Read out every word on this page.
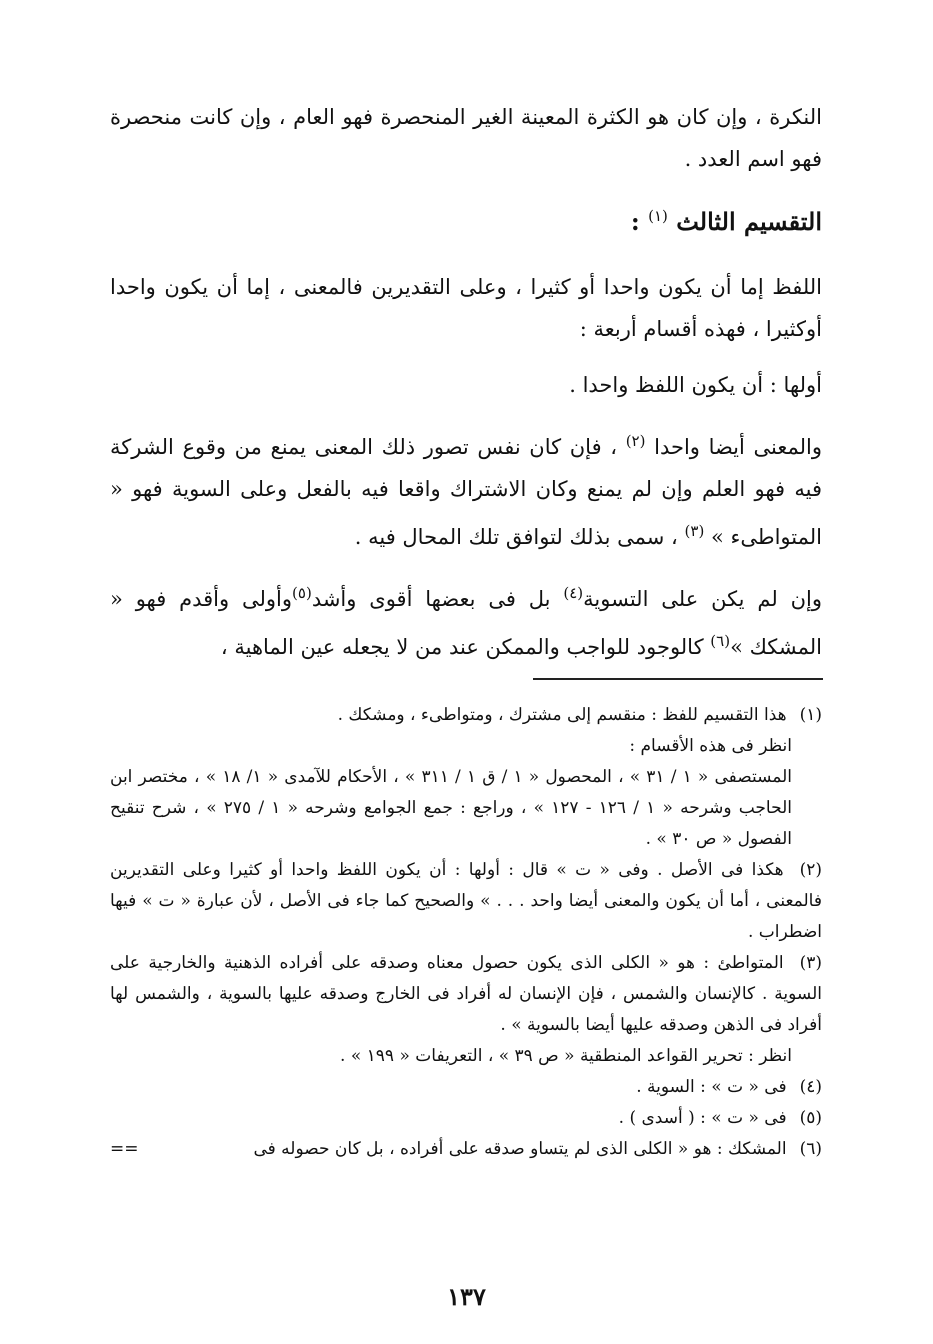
النكرة ، وإن كان هو الكثرة المعينة الغير المنحصرة فهو العام ، وإن كانت منحصرة فهو اسم العدد .

التقسيم الثالث $^{(١)}$ :

اللفظ إما أن يكون واحدا أو كثيرا ، وعلى التقديرين فالمعنى ، إما أن يكون واحدا أوكثيرا ، فهذه أقسام أربعة :

أولها : أن يكون اللفظ واحدا .

والمعنى أيضا واحدا $^{(٢)}$ ، فإن كان نفس تصور ذلك المعنى يمنع من وقوع الشركة فيه فهو العلم وإن لم يمنع وكان الاشتراك واقعا فيه بالفعل وعلى السوية فهو « المتواطىء » $^{(٣)}$ ، سمى بذلك لتوافق تلك المحال فيه .

وإن لم يكن على التسوية$^{(٤)}$ بل فى بعضها أقوى وأشد$^{(٥)}$وأولى وأقدم فهو « المشكك »$^{(٦)}$ كالوجود للواجب والممكن عند من لا يجعله عين الماهية ،

(١) هذا التقسيم للفظ : منقسم إلى مشترك ، ومتواطىء ، ومشكك .

انظر فى هذه الأقسام :

المستصفى « ١ / ٣١ » ، المحصول « ١ / ق ١ / ٣١١ » ، الأحكام للآمدى « ١/ ١٨ » ، مختصر ابن الحاجب وشرحه « ١ / ١٢٦ - ١٢٧ » ، وراجع : جمع الجوامع وشرحه « ١ / ٢٧٥ » ، شرح تنقيح الفصول « ص ٣٠ » .

(٢) هكذا فى الأصل . وفى « ت » قال : أولها : أن يكون اللفظ واحدا أو كثيرا وعلى التقديرين فالمعنى ، أما أن يكون والمعنى أيضا واحد . . . » والصحيح كما جاء فى الأصل ، لأن عبارة « ت » فيها اضطراب .

(٣) المتواطئ : هو « الكلى الذى يكون حصول معناه وصدقه على أفراده الذهنية والخارجية على السوية . كالإنسان والشمس ، فإن الإنسان له أفراد فى الخارج وصدقه عليها بالسوية ، والشمس لها أفراد فى الذهن وصدقه عليها أيضا بالسوية » .

انظر : تحرير القواعد المنطقية « ص ٣٩ » ، التعريفات « ١٩٩ » .

(٤) فى « ت » : السوية .

(٥) فى « ت » : ( أسدى ) .

(٦) المشكك : هو « الكلى الذى لم يتساو صدقه على أفراده ، بل كان حصوله فى
==
١٣٧
